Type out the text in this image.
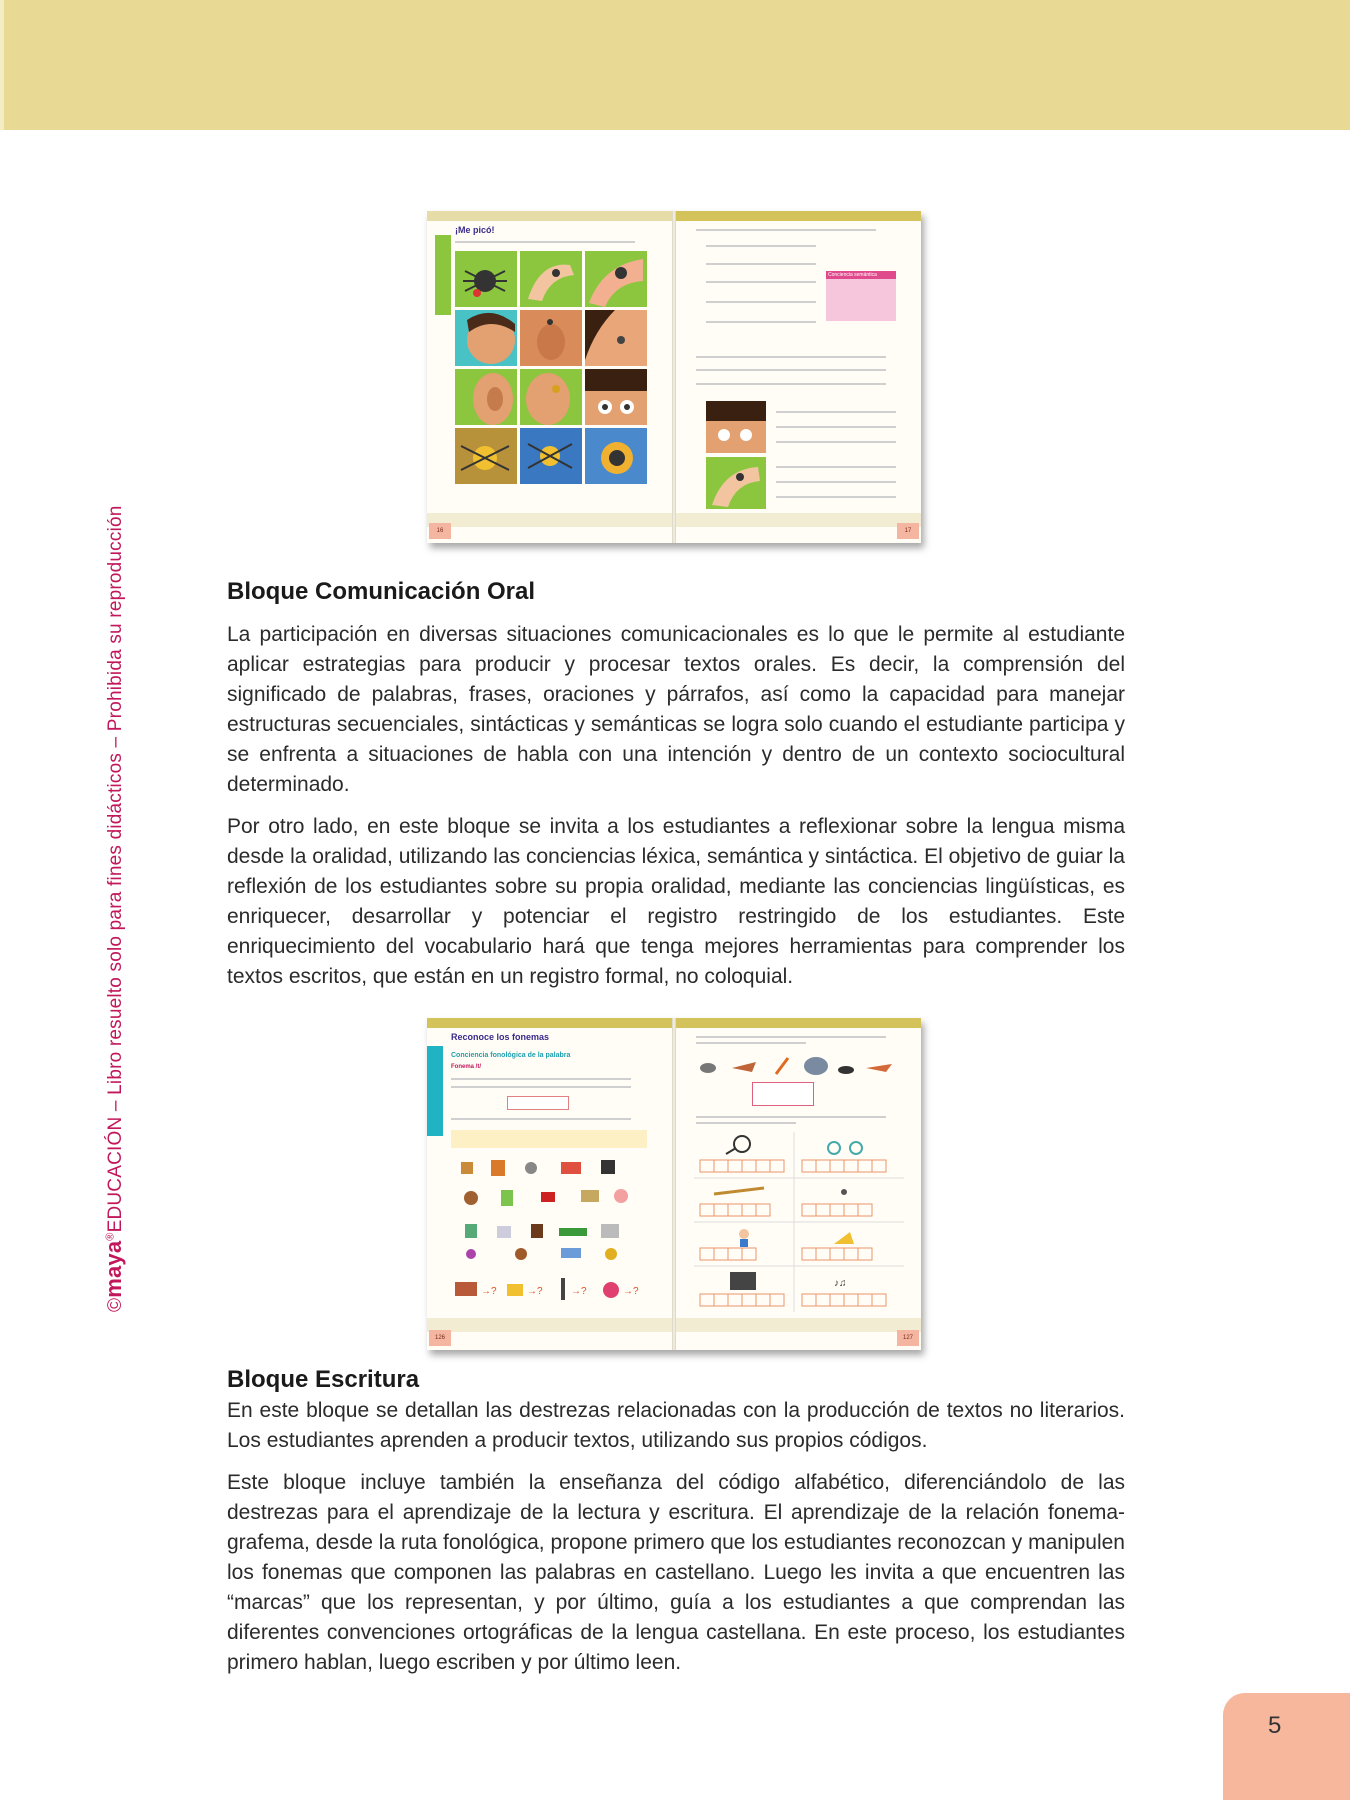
©maya®EDUCACIÓN – Libro resuelto solo para fines didácticos – Prohibida su reproducción
¡Me picó!
16
Conciencia semántica
17
Bloque Comunicación Oral

La participación en diversas situaciones comunicacionales es lo que le permite al estudiante aplicar estrategias para producir y procesar textos orales. Es decir, la comprensión del significado de palabras, frases, oraciones y párrafos, así como la capacidad para manejar estructuras secuenciales, sintácticas y semánticas se logra solo cuando el estudiante participa y se enfrenta a situaciones de habla con una intención y dentro de un contexto sociocultural determinado.

Por otro lado, en este bloque se invita a los estudiantes a reflexionar sobre la lengua misma desde la oralidad, utilizando las conciencias léxica, semántica y sintáctica. El objetivo de guiar la reflexión de los estudiantes sobre su propia oralidad, mediante las conciencias lingüísticas, es enriquecer, desarrollar y potenciar el registro restringido de los estudiantes. Este enriquecimiento del vocabulario hará que tenga mejores herramientas para comprender los textos escritos, que están en un registro formal, no coloquial.

Reconoce los fonemas
Conciencia fonológica de la palabra
Fonema /t/
→?	→?	→?	→?
126
♪♫
127
Bloque Escritura

En este bloque se detallan las destrezas relacionadas con la producción de textos no literarios. Los estudiantes aprenden a producir textos, utilizando sus propios códigos.

Este bloque incluye también la enseñanza del código alfabético, diferenciándolo de las destrezas para el aprendizaje de la lectura y escritura. El aprendizaje de la relación fonema-grafema, desde la ruta fonológica, propone primero que los estudiantes reconozcan y manipulen los fonemas que componen las palabras en castellano. Luego les invita a que encuentren las “marcas” que los representan, y por último, guía a los estudiantes a que comprendan las diferentes convenciones ortográficas de la lengua castellana. En este proceso, los estudiantes primero hablan, luego escriben y por último leen.

5
